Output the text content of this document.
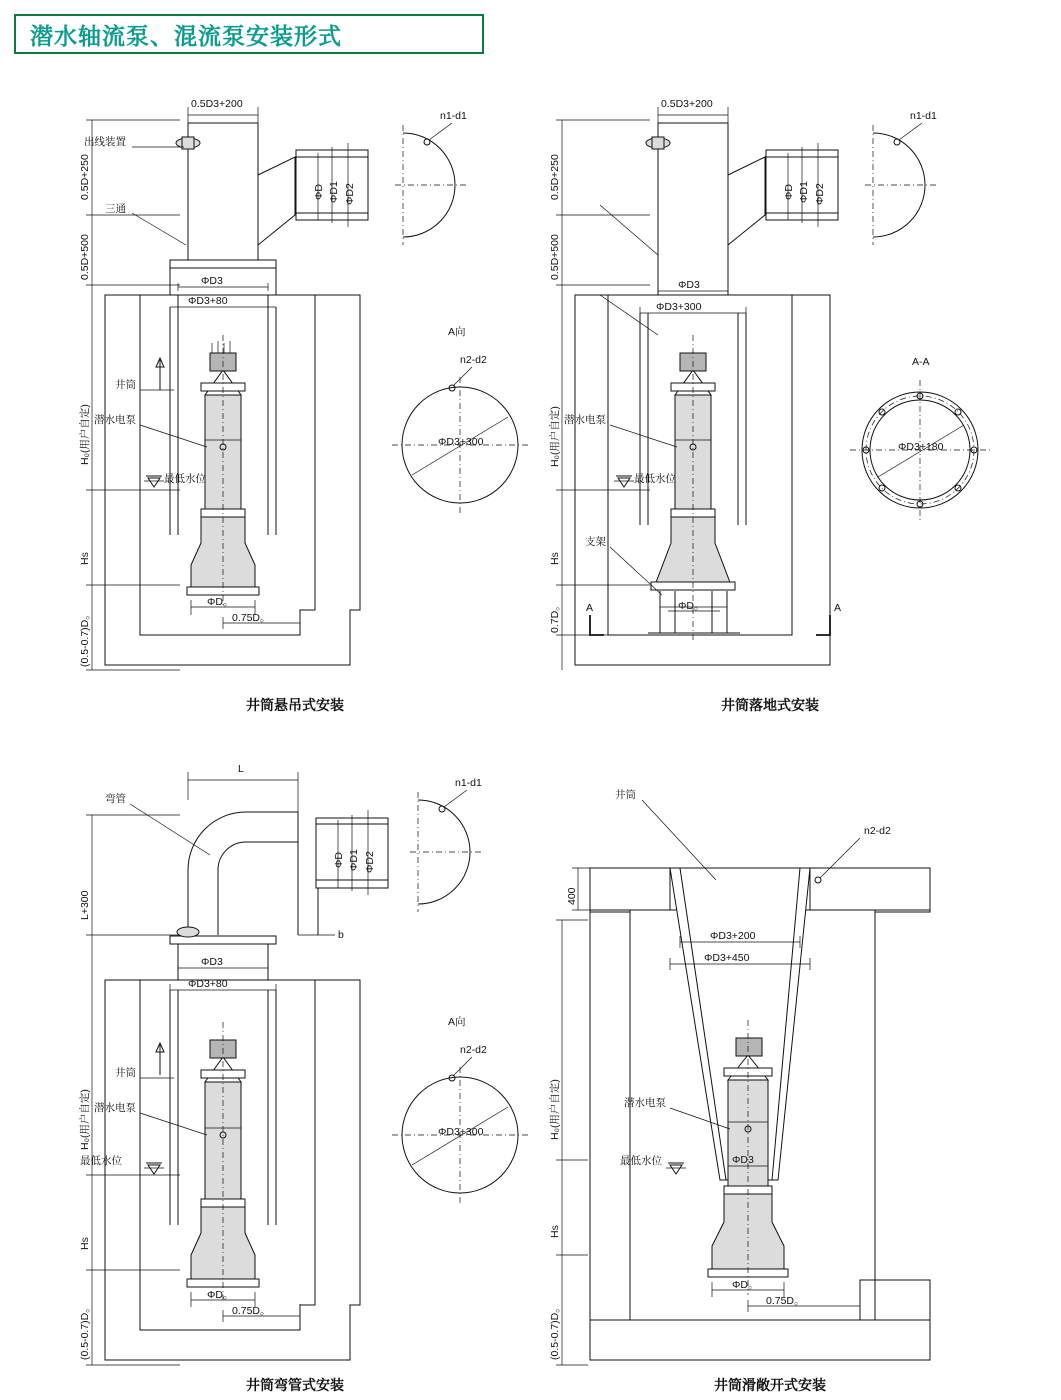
潜水轴流泵、混流泵安装形式
0.5D+250
0.5D+500
H₀(用户自定)
Hs
(0.5-0.7)D。
0.5D3+200
ΦD ΦD1 ΦD2
n1-d1
ΦD3
ΦD3+80
最低水位
出线装置
三通
井筒
潜水电泵
ΦD。
0.75D。
ΦD3+300
n2-d2
A向
井筒悬吊式安装
0.5D+250
0.5D+500
H₀(用户自定)
Hs
0.7D。
0.5D3+200
ΦD ΦD1 ΦD2
n1-d1
ΦD3
ΦD3+300
最低水位
潜水电泵
支架
ΦD。
A	A
A-A
ΦD3+180
井筒落地式安装
L+300
H₀(用户自定)
Hs
(0.5-0.7)D。
L
b
弯管
ΦD ΦD1 ΦD2
n1-d1
ΦD3
ΦD3+80
最低水位
井筒
潜水电泵
ΦD。
0.75D。
ΦD3+300
n2-d2
A向
井筒弯管式安装
400
H₀(用户自定)
Hs
(0.5-0.7)D。
ΦD3+200
ΦD3+450
ΦD3
最低水位
井筒
n2-d2
潜水电泵
ΦD。
0.75D。
井筒滑敞开式安装
